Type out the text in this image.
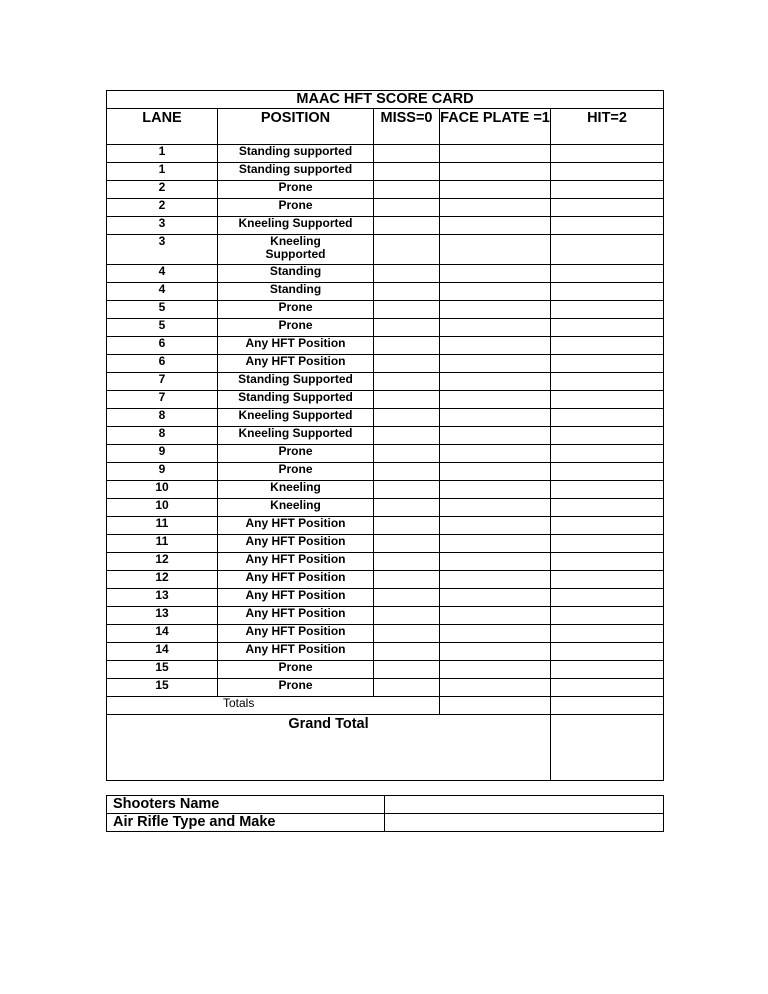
MAAC HFT SCORE CARD				
LANE	POSITION	MISS=0	FACE PLATE =1	HIT=2
1	Standing supported			
1	Standing supported			
2	Prone			
2	Prone			
3	Kneeling Supported			
3	Kneeling Supported			
4	Standing			
4	Standing			
5	Prone			
5	Prone			
6	Any HFT Position			
6	Any HFT Position			
7	Standing Supported			
7	Standing Supported			
8	Kneeling Supported			
8	Kneeling Supported			
9	Prone			
9	Prone			
10	Kneeling			
10	Kneeling			
11	Any HFT Position			
11	Any HFT Position			
12	Any HFT Position			
12	Any HFT Position			
13	Any HFT Position			
13	Any HFT Position			
14	Any HFT Position			
14	Any HFT Position			
15	Prone			
15	Prone			
Totals				
Grand Total				
Shooters Name	
Air Rifle Type and Make	
